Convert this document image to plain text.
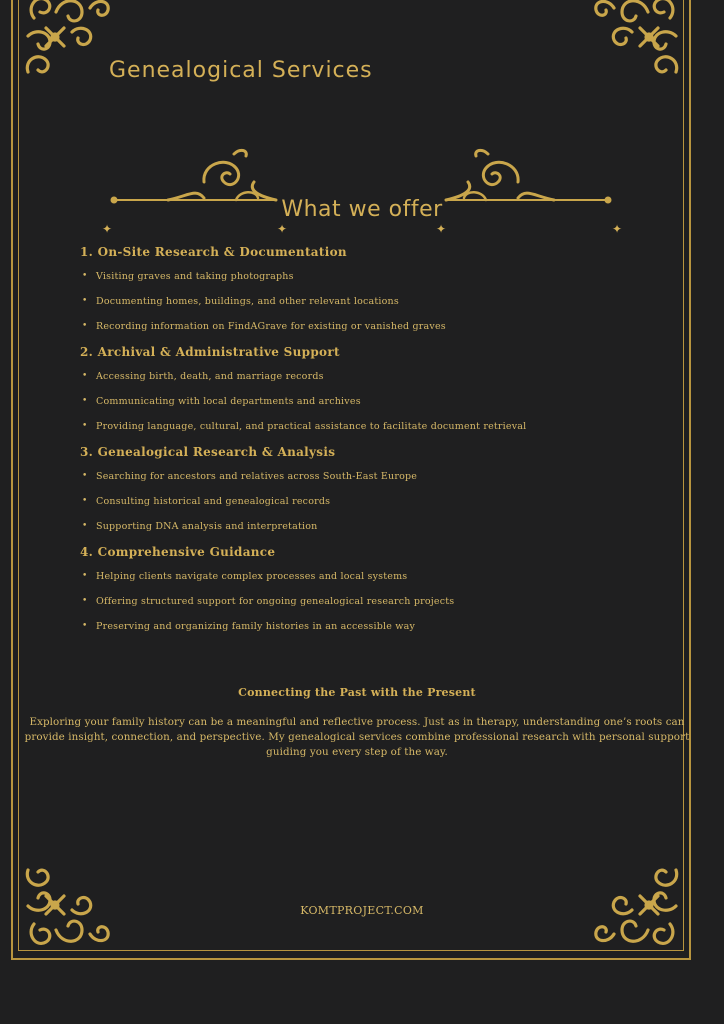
Genealogical Services
✦	✦	✦	✦
What we offer
1. On-Site Research & Documentation
• Visiting graves and taking photographs
• Documenting homes, buildings, and other relevant locations
• Recording information on FindAGrave for existing or vanished graves
2. Archival & Administrative Support
• Accessing birth, death, and marriage records
• Communicating with local departments and archives
• Providing language, cultural, and practical assistance to facilitate document retrieval
3. Genealogical Research & Analysis
• Searching for ancestors and relatives across South-East Europe
• Consulting historical and genealogical records
• Supporting DNA analysis and interpretation
4. Comprehensive Guidance
• Helping clients navigate complex processes and local systems
• Offering structured support for ongoing genealogical research projects
• Preserving and organizing family histories in an accessible way
Connecting the Past with the Present

Exploring your family history can be a meaningful and reflective process. Just as in therapy, understanding one’s roots can provide insight, connection, and perspective. My genealogical services combine professional research with personal support guiding you every step of the way.

KOMTPROJECT.COM
